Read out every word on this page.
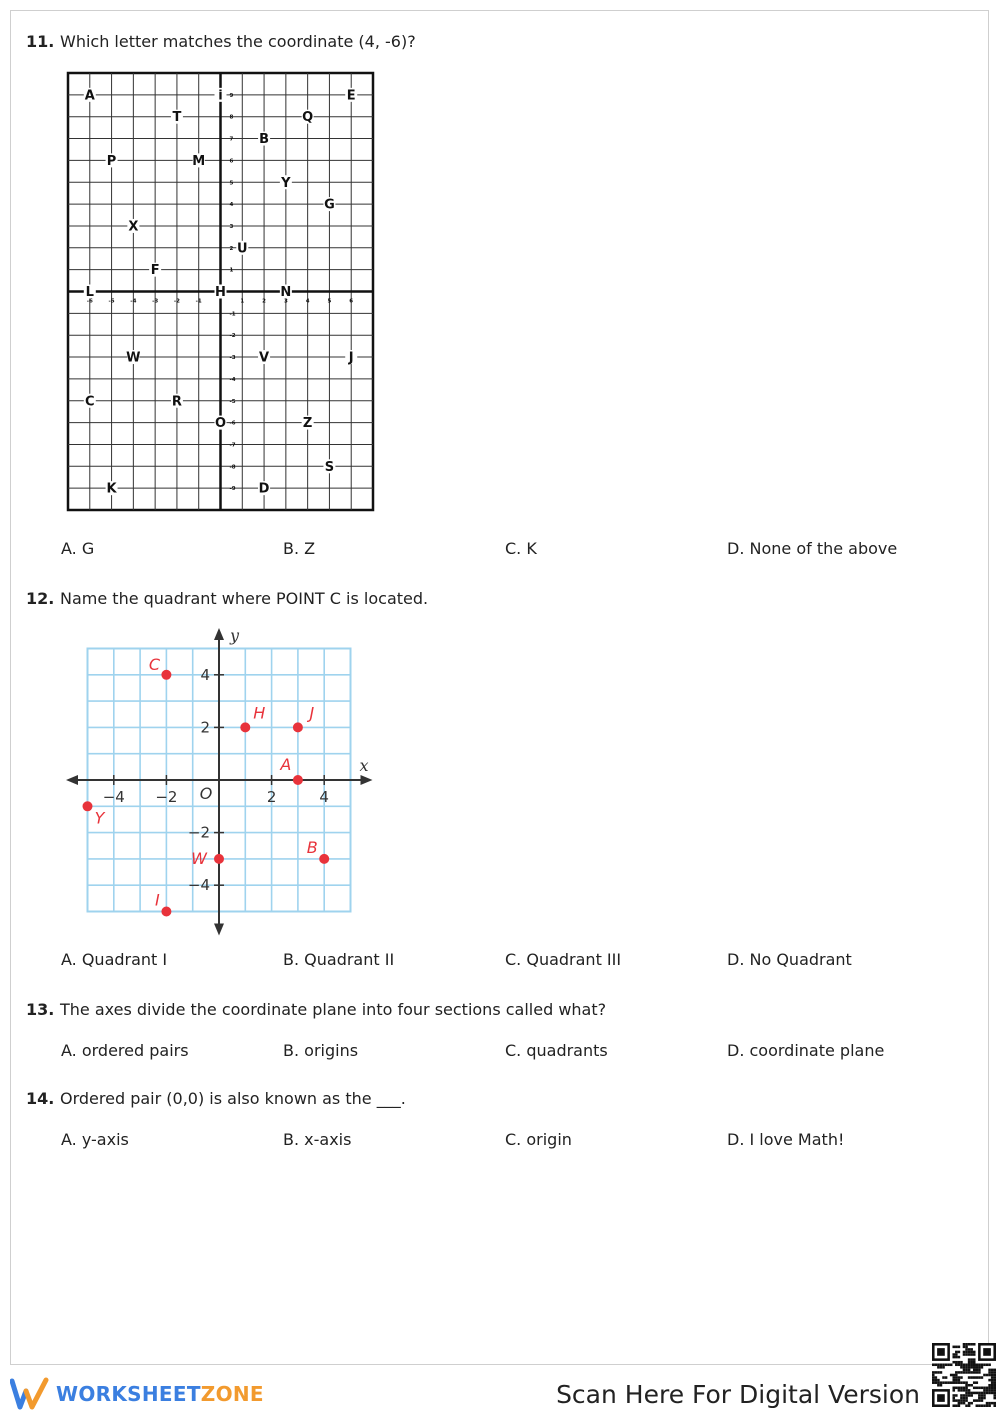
11. Which letter matches the coordinate (4, -6)?
-6	-5	-4	-3	-2	-1	1	2	3	4	5	6
9
8
7
6
5
4
3
2
1
-1
-2
-3
-4
-5
-6
-7
-8
-9
A	i	E
T	Q
B
P	M
Y
G
X
U
F
L	H	N
W	V	J
C	R
O	Z
S
K	D
A. G	B. Z	C. K	D. None of the above
12. Name the quadrant where POINT C is located.
y
x
O
−4 −2	2	4
4
2
−2
−4
C
H	J
A
Y
W
B
I
A. Quadrant I	B. Quadrant II	C. Quadrant III	D. No Quadrant
13. The axes divide the coordinate plane into four sections called what?
A. ordered pairs	B. origins	C. quadrants	D. coordinate plane
14. Ordered pair (0,0) is also known as the ___.
A. y-axis	B. x-axis	C. origin	D. I love Math!
WORKSHEETZONE	Scan Here For Digital Version
